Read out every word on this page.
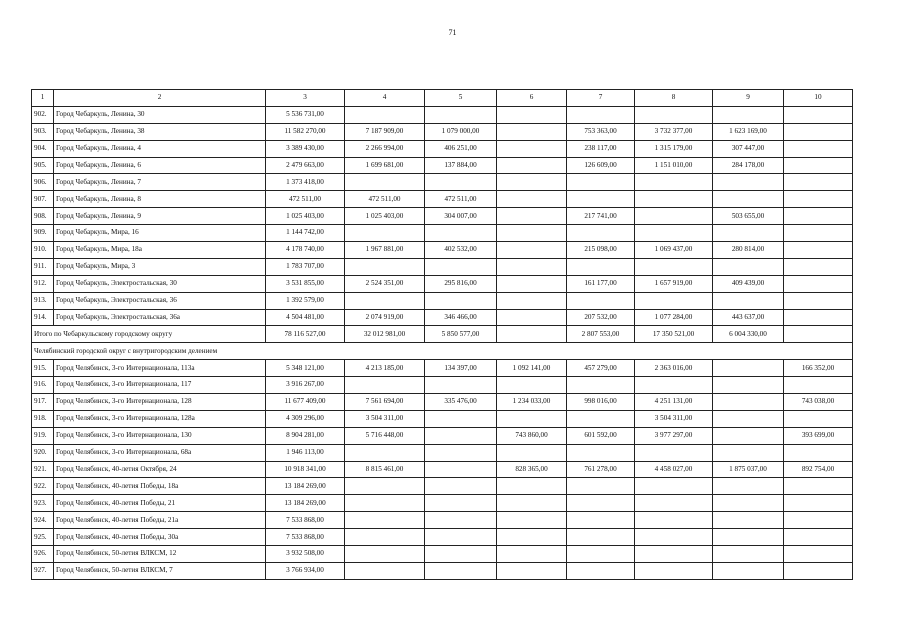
71
1	2	3	4	5	6	7	8	9	10
902.	Город Чебаркуль, Ленина, 30	5 536 731,00							
903.	Город Чебаркуль, Ленина, 38	11 582 270,00	7 187 909,00	1 079 000,00		753 363,00	3 732 377,00	1 623 169,00	
904.	Город Чебаркуль, Ленина, 4	3 389 430,00	2 266 994,00	406 251,00		238 117,00	1 315 179,00	307 447,00	
905.	Город Чебаркуль, Ленина, 6	2 479 663,00	1 699 681,00	137 884,00		126 609,00	1 151 010,00	284 178,00	
906.	Город Чебаркуль, Ленина, 7	1 373 418,00							
907.	Город Чебаркуль, Ленина, 8	472 511,00	472 511,00	472 511,00					
908.	Город Чебаркуль, Ленина, 9	1 025 403,00	1 025 403,00	304 007,00		217 741,00		503 655,00	
909.	Город Чебаркуль, Мира, 16	1 144 742,00							
910.	Город Чебаркуль, Мира, 18а	4 178 740,00	1 967 881,00	402 532,00		215 098,00	1 069 437,00	280 814,00	
911.	Город Чебаркуль, Мира, 3	1 783 707,00							
912.	Город Чебаркуль, Электростальская, 30	3 531 855,00	2 524 351,00	295 816,00		161 177,00	1 657 919,00	409 439,00	
913.	Город Чебаркуль, Электростальская, 36	1 392 579,00							
914.	Город Чебаркуль, Электростальская, 36а	4 504 481,00	2 074 919,00	346 466,00		207 532,00	1 077 284,00	443 637,00	
Итого по Чебаркульскому городскому округу		78 116 527,00	32 012 981,00	5 850 577,00		2 807 553,00	17 350 521,00	6 004 330,00	
Челябинский городской округ с внутригородским делением									
915.	Город Челябинск, 3-го Интернационала, 113а	5 348 121,00	4 213 185,00	134 397,00	1 092 141,00	457 279,00	2 363 016,00		166 352,00
916.	Город Челябинск, 3-го Интернационала, 117	3 916 267,00							
917.	Город Челябинск, 3-го Интернационала, 128	11 677 409,00	7 561 694,00	335 476,00	1 234 033,00	998 016,00	4 251 131,00		743 038,00
918.	Город Челябинск, 3-го Интернационала, 128а	4 309 296,00	3 504 311,00				3 504 311,00		
919.	Город Челябинск, 3-го Интернационала, 130	8 904 281,00	5 716 448,00		743 860,00	601 592,00	3 977 297,00		393 699,00
920.	Город Челябинск, 3-го Интернационала, 68а	1 946 113,00							
921.	Город Челябинск, 40-летия Октября, 24	10 918 341,00	8 815 461,00		828 365,00	761 278,00	4 458 027,00	1 875 037,00	892 754,00
922.	Город Челябинск, 40-летия Победы, 18а	13 184 269,00							
923.	Город Челябинск, 40-летия Победы, 21	13 184 269,00							
924.	Город Челябинск, 40-летия Победы, 21а	7 533 868,00							
925.	Город Челябинск, 40-летия Победы, 30а	7 533 868,00							
926.	Город Челябинск, 50-летия ВЛКСМ, 12	3 932 508,00							
927.	Город Челябинск, 50-летия ВЛКСМ, 7	3 766 934,00							
